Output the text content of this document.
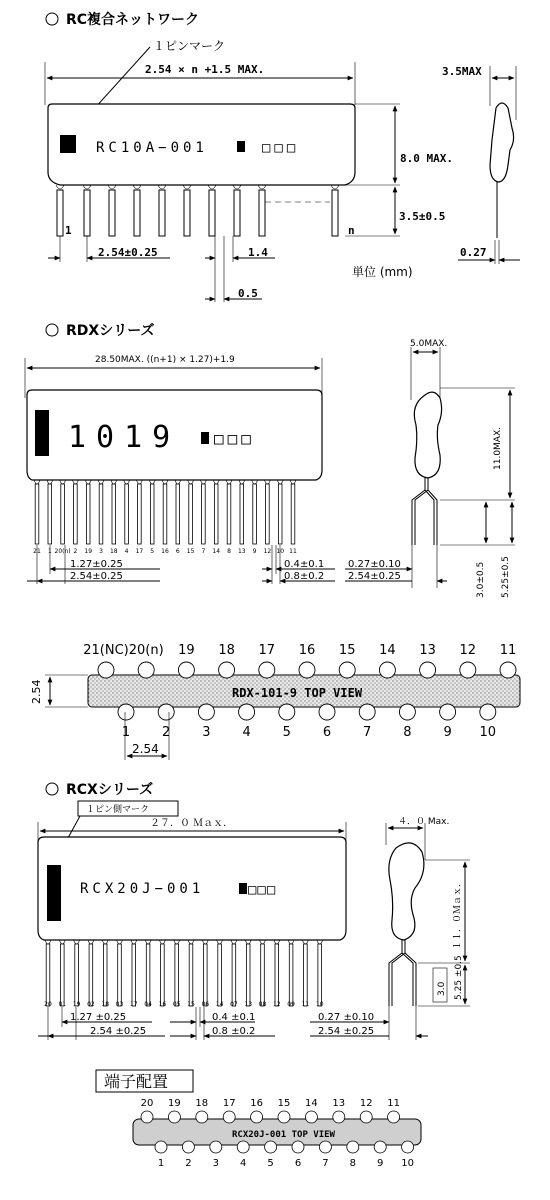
RC複合ネットワーク
１ピンマーク
2.54 × n +1.5 MAX.
RC10A−001	□□□
1	n
8.0 MAX.
3.5±0.5
2.54±0.25	1.4
0.5
3.5MAX
0.27
単位 (mm)
RDXシリーズ
28.50MAX. ((n+1) × 1.27)+1.9
1019 □□□
21 1 20(n) 2 19 3 18 4 17 5 16 6 15 7 14 8 13 9 12 10 11
1.27±0.25
2.54±0.25
0.4±0.1
0.8±0.2
5.0MAX.
11.0MAX.
3.0±0.5 5.25±0.5
0.27±0.10
2.54±0.25
21(NC) 20(n) 19 18 17 16 15 14 13 12 11
RDX-101-9 TOP VIEW
1 2 3 4 5 6 7 8 9 10
2.54
2.54
RCXシリーズ
１ピン側マーク
２７．０ Ｍａｘ．
RCX20J−001	□□□
20 01 19 02 18 03 17 04 16 05 15 06 14 07 13 08 12 09 11 10
1.27 ±0.25
2.54 ±0.25
0.4 ±0.1
0.8 ±0.2
４．０ Max.
１１．０Ｍａｘ．
3.0 5.25 ±0.5
0.27 ±0.10
2.54 ±0.25
端子配置
20 19 18 17 16 15 14 13 12 11
RCX20J-001 TOP VIEW
1 2 3 4 5 6 7 8 9 10
